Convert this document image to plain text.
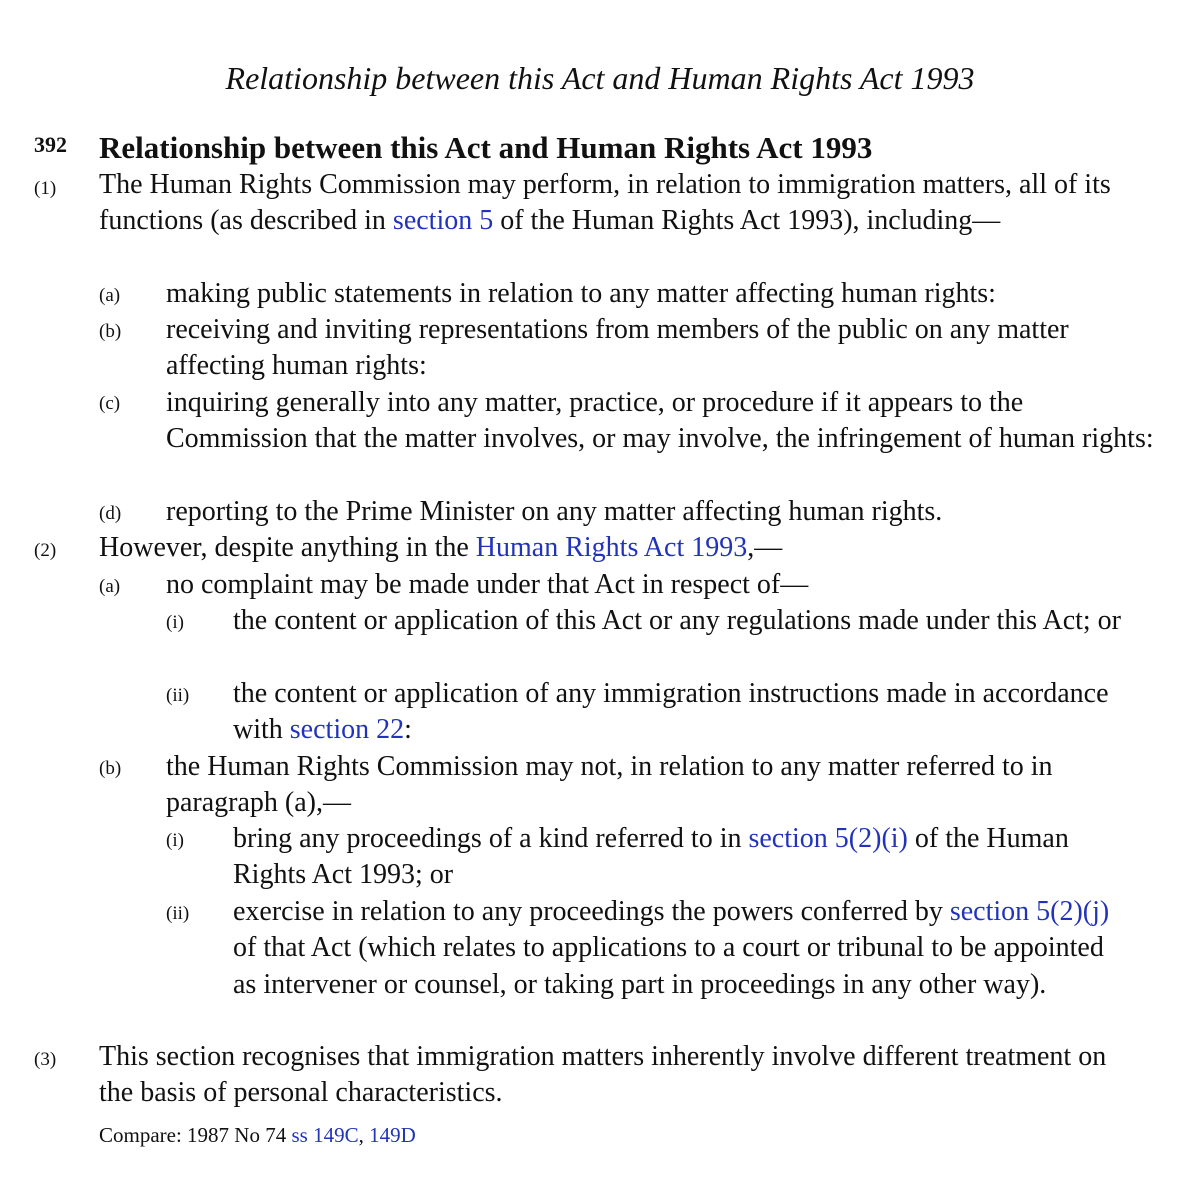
Relationship between this Act and Human Rights Act 1993
392 Relationship between this Act and Human Rights Act 1993
(1) The Human Rights Commission may perform, in relation to immigration matters, all of its functions (as described in section 5 of the Human Rights Act 1993), including—
(a) making public statements in relation to any matter affecting human rights:
(b) receiving and inviting representations from members of the public on any matter affecting human rights:
(c) inquiring generally into any matter, practice, or procedure if it appears to the Commission that the matter involves, or may involve, the infringement of human rights:
(d) reporting to the Prime Minister on any matter affecting human rights.
(2) However, despite anything in the Human Rights Act 1993,—
(a) no complaint may be made under that Act in respect of—
(i) the content or application of this Act or any regulations made under this Act; or
(ii) the content or application of any immigration instructions made in accordance with section 22:
(b) the Human Rights Commission may not, in relation to any matter referred to in paragraph (a),—
(i) bring any proceedings of a kind referred to in section 5(2)(i) of the Human Rights Act 1993; or
(ii) exercise in relation to any proceedings the powers conferred by section 5(2)(j) of that Act (which relates to applications to a court or tribunal to be appointed as intervener or counsel, or taking part in proceedings in any other way).
(3) This section recognises that immigration matters inherently involve different treatment on the basis of personal characteristics.
Compare: 1987 No 74 ss 149C, 149D
